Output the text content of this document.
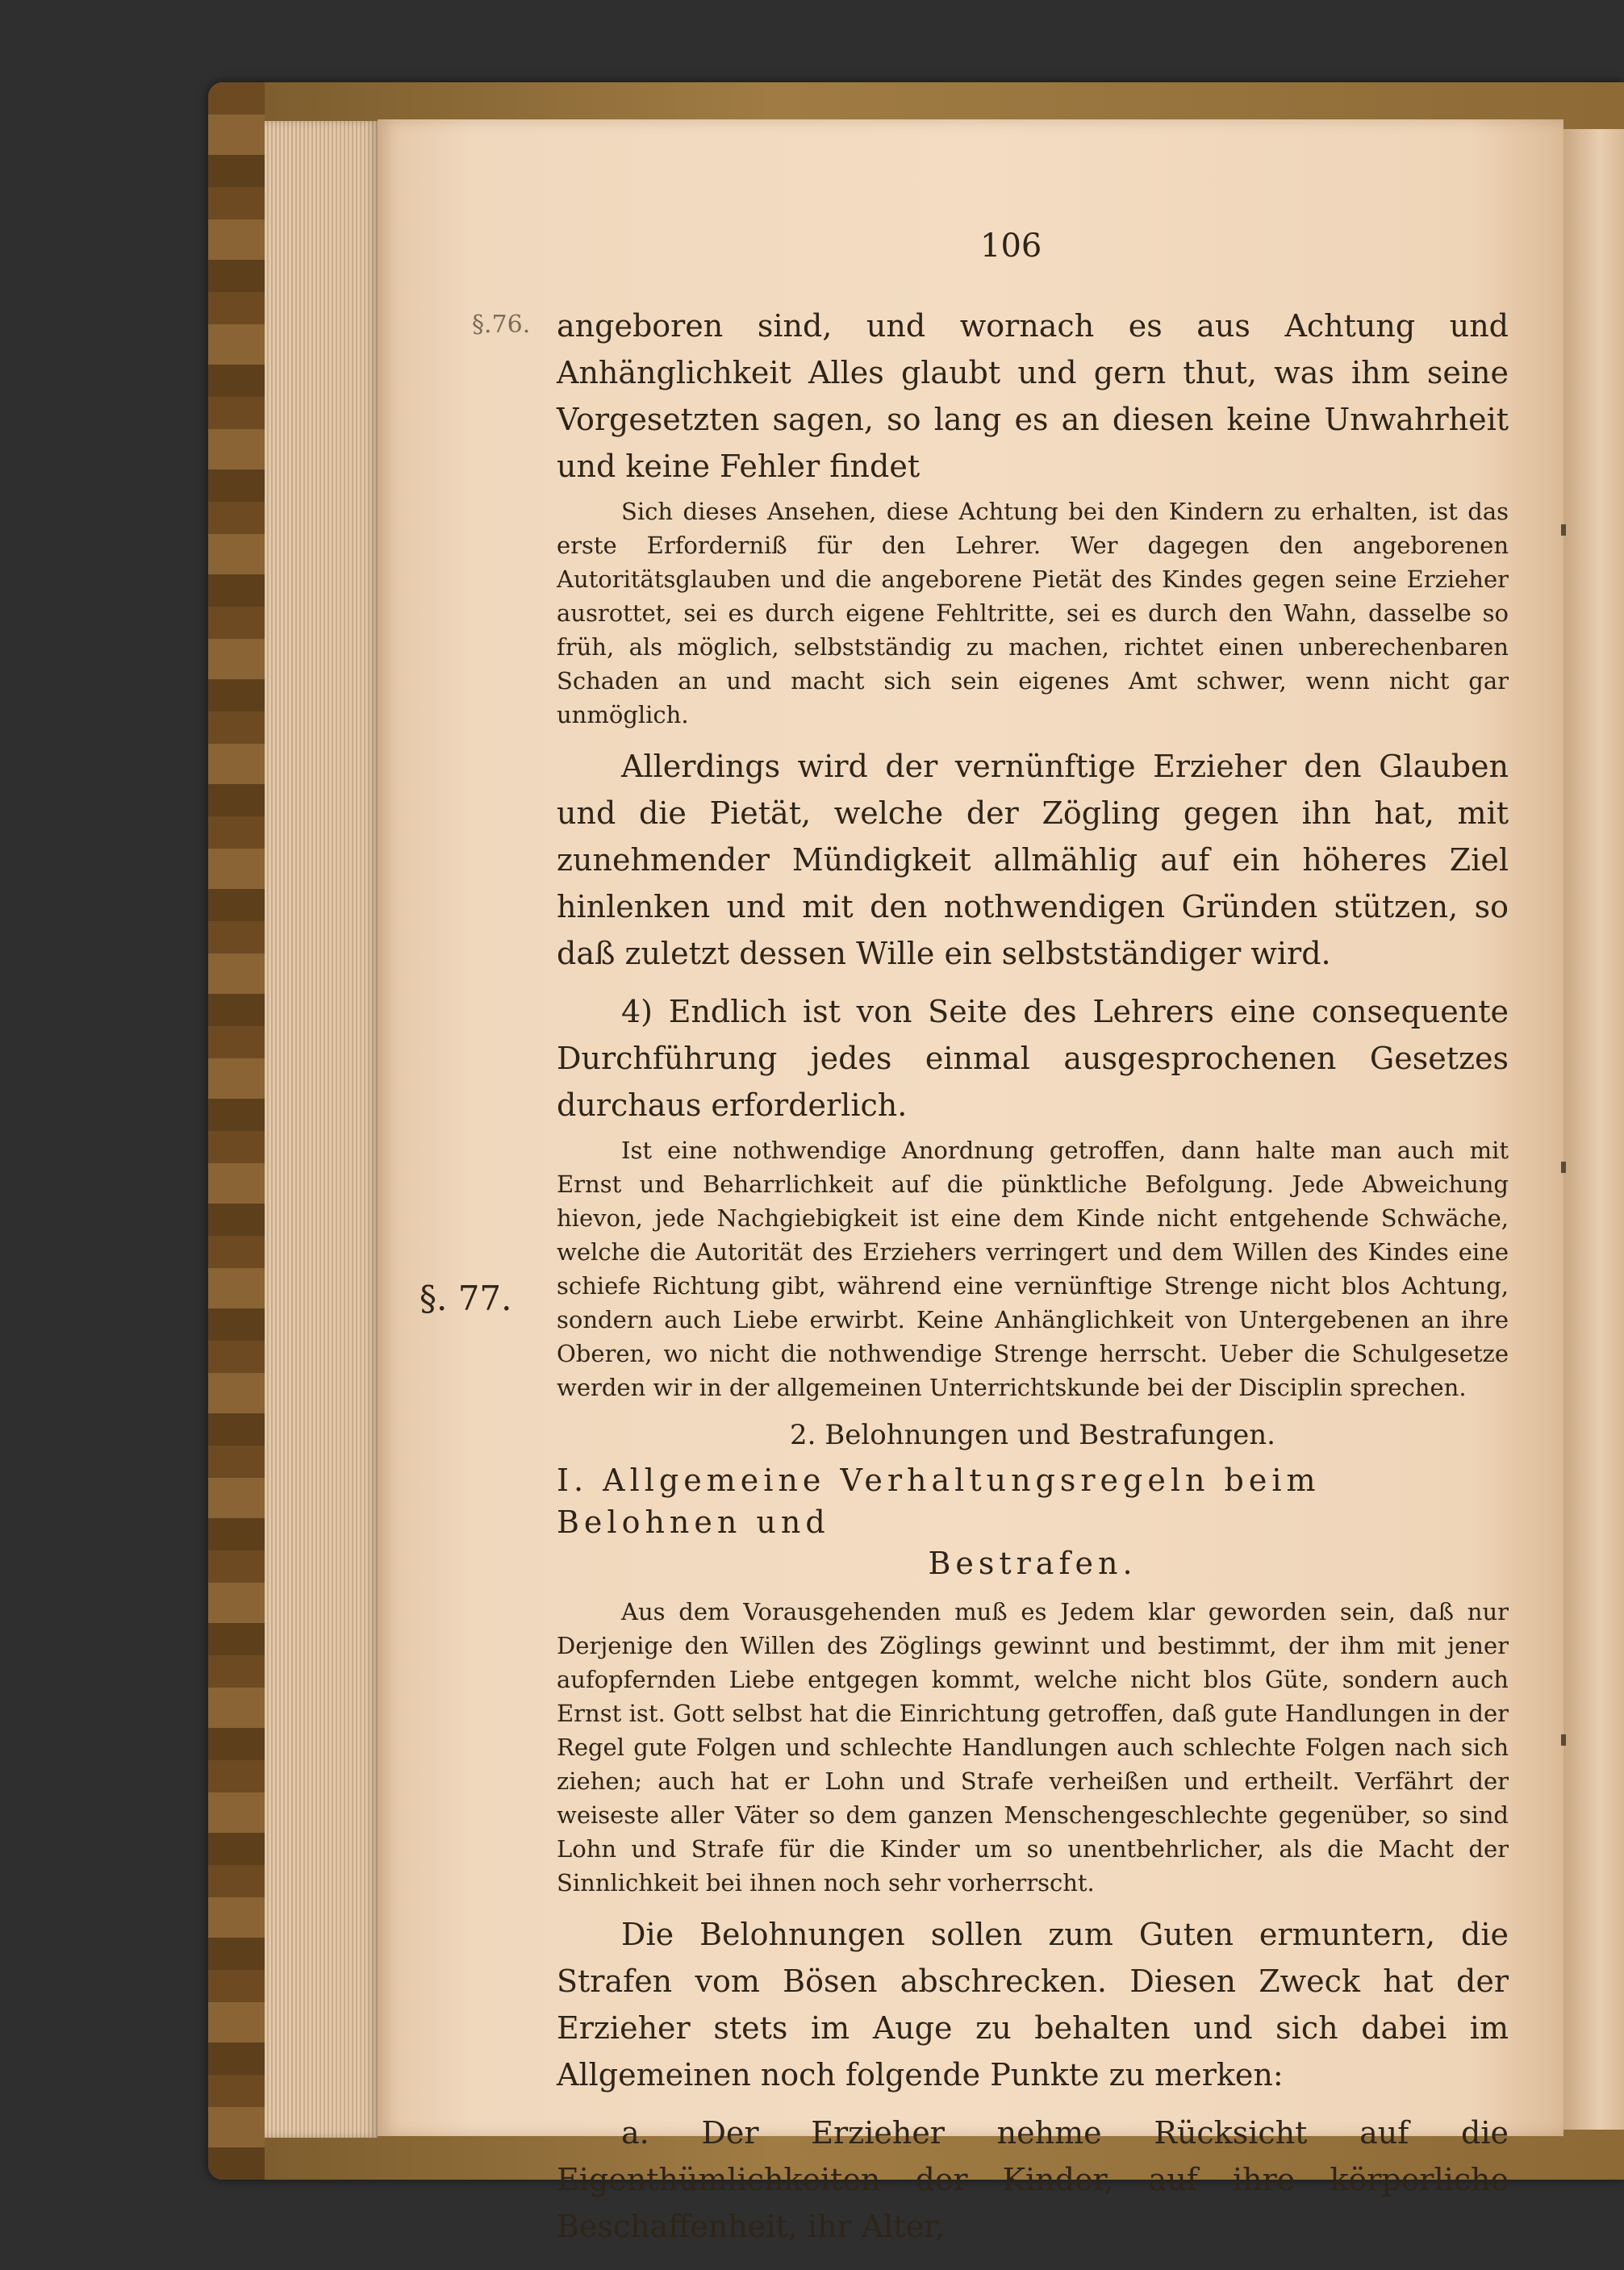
106
§.76.
§. 77.

angeboren sind, und wornach es aus Achtung und Anhänglichkeit Alles glaubt und gern thut, was ihm seine Vorgesetzten sagen, so lang es an diesen keine Unwahrheit und keine Fehler findet

Sich dieses Ansehen, diese Achtung bei den Kindern zu erhalten, ist das erste Erforderniß für den Lehrer. Wer dagegen den angeborenen Autoritätsglauben und die angeborene Pietät des Kindes gegen seine Erzieher ausrottet, sei es durch eigene Fehltritte, sei es durch den Wahn, dasselbe so früh, als möglich, selbstständig zu machen, richtet einen unberechenbaren Schaden an und macht sich sein eigenes Amt schwer, wenn nicht gar unmöglich.

Allerdings wird der vernünftige Erzieher den Glauben und die Pietät, welche der Zögling gegen ihn hat, mit zunehmender Mündigkeit allmählig auf ein höheres Ziel hinlenken und mit den nothwendigen Gründen stützen, so daß zuletzt dessen Wille ein selbstständiger wird.

4) Endlich ist von Seite des Lehrers eine consequente Durchführung jedes einmal ausgesprochenen Gesetzes durchaus erforderlich.

Ist eine nothwendige Anordnung getroffen, dann halte man auch mit Ernst und Beharrlichkeit auf die pünktliche Befolgung. Jede Abweichung hievon, jede Nachgiebigkeit ist eine dem Kinde nicht entgehende Schwäche, welche die Autorität des Erziehers verringert und dem Willen des Kindes eine schiefe Richtung gibt, während eine vernünftige Strenge nicht blos Achtung, sondern auch Liebe erwirbt. Keine Anhänglichkeit von Untergebenen an ihre Oberen, wo nicht die nothwendige Strenge herrscht. Ueber die Schulgesetze werden wir in der allgemeinen Unterrichtskunde bei der Disciplin sprechen.

2. Belohnungen und Bestrafungen.

I. Allgemeine Verhaltungsregeln beim Belohnen und

Bestrafen.

Aus dem Vorausgehenden muß es Jedem klar geworden sein, daß nur Derjenige den Willen des Zöglings gewinnt und bestimmt, der ihm mit jener aufopfernden Liebe entgegen kommt, welche nicht blos Güte, sondern auch Ernst ist. Gott selbst hat die Einrichtung getroffen, daß gute Handlungen in der Regel gute Folgen und schlechte Handlungen auch schlechte Folgen nach sich ziehen; auch hat er Lohn und Strafe verheißen und ertheilt. Verfährt der weiseste aller Väter so dem ganzen Menschengeschlechte gegenüber, so sind Lohn und Strafe für die Kinder um so unentbehrlicher, als die Macht der Sinnlichkeit bei ihnen noch sehr vorherrscht.

Die Belohnungen sollen zum Guten ermuntern, die Strafen vom Bösen abschrecken. Diesen Zweck hat der Erzieher stets im Auge zu behalten und sich dabei im Allgemeinen noch folgende Punkte zu merken:

a. Der Erzieher nehme Rücksicht auf die Eigenthümlichkeiten der Kinder, auf ihre körperliche Beschaffenheit, ihr Alter,
